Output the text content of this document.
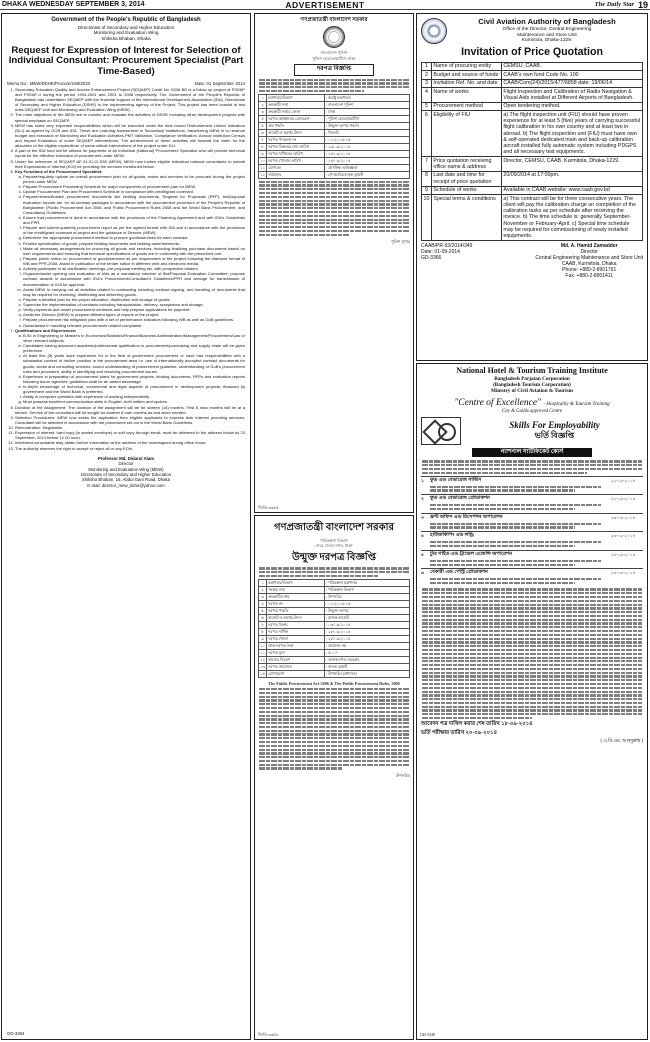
DHAKA WEDNESDAY SEPTEMBER 3, 2014	ADVERTISEMENT	The Daily Star 19
Government of the People's Republic of Bangladesh
Directorate of Secondary and Higher Education
Monitoring and Evaluation Wing
Shiksha Bhaban, Dhaka
Request for Expression of Interest for Selection of Individual Consultant: Procurement Specialist (Part Time-Based)
Memo No.: MEW/DSHE/Procure/158/2033	Date: 01 September 2014
1. Secondary Education Quality and Access Enhancement Project (SEQAEP) Credit No. 5326 BD is a follow up project of FSSAP and FSSAP-II during the period 1993-2001 and 2001 to 2008 respectively. The Government of the People's Republic of Bangladesh has undertaken SEQAEP with the financial support of the International Development Association (IDA). Directorate of Secondary and Higher Education (DSHE) is the Implementing agency of the Project. This project has been consist of two units-SEQAEP Unit and Monitoring and Evaluation Wing (MEW).
2. The main objectives of the MEW are to monitor and evaluate the activities of DSHE including other development projects with special emphasis on SEQAEP.
3. MEW has some very important responsibilities which will be executed under the time bound Disbursement Linked Indicators (DLI) as agreed by GOB and IDA. These are Learning Assessment in Secondary Institutions, transferring MEW in to revenue budget and execution of Monitoring and Evaluation Activities-PMT Validation, Compliance Verification, Annual Institution Census and Impact Evaluation of some SEQAEP interventions. The achievement of these activities will forward the claim for the allocation of the eligible expenditure of some critical interventions of the project under DLI.
4. A part of the IDA fund will be utilized for payments of an individual (National) Procurement Specialist who will provide technical inputs for the effective execution of procurement under MEW.
5. Under the reference of SEQAEP-AF-91-IC-CI-S39 (MEW), MEW now invites eligible individual national consultants to submit their Expressions of Interest (EOI) for providing the services mentioned below.
6. Key Functions of the Procurement Specialist:
a. Prepare/regularly update an overall procurement plan for all goods, works and services to be procured during the project period under MEW.
b. Prepare Procurement Processing Schedule for major components of procurement plan for MEW.
c. Update Procurement Plan and Procurement Schedule in compliance with credit/grant covenant.
d. Prepare/review/finalize procurement documents like bidding documents, Request for Proposals (RFP), bid/proposal evaluation reports etc. for all contract packages in accordance with the procurement procedure of the People's Republic of Bangladesh (Public Procurement Act 2006, and Public Procurement Rules 2008 and the World Bank Procurement, and Consultancy Guidelines.
e. Ensure that procurement is done in accordance with the provisions of the Financing Agreement and with IDA's Guidelines and PPR.
f. Prepare and submit quarterly procurement report as per the agreed format with IDA and in accordance with the provisions of the credit/grant covenant of project and the guidance of Director (MEW).
g. Determine the appropriate procurement method to procure goods/services for each contract.
h. Finalize specification of goods, prepare bidding documents and bidding advertisements.
i. Make all necessary arrangements for procuring all goods and services, including finalizing purchase documents based on user requirements and ensuring that technical specifications of goods are in conformity with the prescribed one.
j. Prepare public notice on procurement of goods/services as per requirement of the project following the standard format of WB and PPR-2008. Assist in publication of the tender notice in different print and electronic media.
k. Actively participate in all clarification meetings, pre-proposal meeting etc. with prospective bidders.
l. Organize/assist opening and evaluation of bids as a mandatory member of Bid/Proposal Evaluation Committee; propose contract awards in accordance with IDA's Procurement/Consultant's Guidelines/PPR and arrange for transmission of documentation to IDA for approval.
m. Assist MEW in carrying out all activities related to contracting including contract signing, and handling of documents that may be required for receiving, distributing and delivering goods.
n. Prepare a detailed plan for the proper allocation, distribution and storage of goods.
o. Supervise the implementation of contracts including transportation, delivery, acceptance and storage.
p. Verify payments due under procurement contracts and help prepare applications for payment.
q. Assist the Director (MEW) to prepare different types of reports of the project.
r. Prepare procurement risk mitigation plan with a set of performance indicators following WB as well as GoB guidelines.
s. Guide/assist in handling relevant procurements related complaints.
7. Qualifications and Experiences:
a. B.Sc in Engineering or Master's in Economics/Statistics/Finance/Business Administration/Management/Procurement/Law or other relevant subjects.
b. Candidates having advanced academic/professional qualification in procurement/purchasing and supply chain will be given preference.
c. At least five (5) years work experience for in the field of government procurement or have had responsibilities with a substantial content of his/her position in the procurement area i.e. use of internationally accepted contract documents for goods, works and consulting services; sound understanding of procurement guideline; understanding of GoB's procurement rules and procedure, ability in identifying and resolving procurement issues.
d. Experience in preparation of procurement plans for government projects, bidding documents, RFPs and evaluation reports following donor agencies' guidelines shall be an added advantage.
e. In-depth knowledge of technical, commercial and legal aspects of procurement in development projects, financed by government and the World Bank is preferred.
f. Ability in computer operation with experience of working independently.
g. Must possess excellent communication skills in English, both written and spoken.
8. Duration of the Assignment: The duration of the assignment will be for sixteen (16) months. First 6 man months will be at a stretch. Service of the consultant will be sought for another 8 man months as and when needed.
9. Selection Procedures: MEW now seeks the application from eligible applicants to express their interest providing services. Consultant will be selected in accordance with the procedures set out in the World Bank Guidelines.
10. Remuneration: Negotiable.
11. Expression of interest, hard copy (in sealed envelope) or soft copy through email, must be delivered to the address below by 23 September, 2014 before 12.00 noon.
12. Interested consultants may obtain further information at the address of the undersigned during office hours.
13. The authority reserves the right to accept or reject all or any EOIs.
Professor Md. Didarul Alam
Director
Monitoring and Evaluation Wing (MEW)
Directorate of Secondary and Higher Education
Shiksha Bhaban, 16, Abdul Gani Road, Dhaka
E-mail: director_mew_dshe@yahoo.com
GD-3364
গণপ্রজাতন্ত্রী বাংলাদেশ সরকার
বাংলাদেশ পুলিশ
পুলিশ হেডকোয়ার্টার্স, ঢাকা
দরপত্র বিজ্ঞপ্তি
১	মন্ত্রণালয়/বিভাগ	: স্বরাষ্ট্র মন্ত্রণালয়
২	ক্রয়কারী সত্তা	: বাংলাদেশ পুলিশ
৩	ক্রয়কারী সত্তার জেলা	: ঢাকা
৪	দরপত্র আহ্বানের রেফারেন্স	: পুলিশ হেডকোয়ার্টার্স
৫	ক্রয় পদ্ধতি	: উন্মুক্ত দরপত্র পদ্ধতি
৬	বাজেট ও অর্থের উৎস	: জিওবি
৭	দরপত্র প্যাকেজ নং	: ০১/২০১৪-১৫
৮	দরপত্র বিক্রয়ের শেষ তারিখ	: ২৩/০৯/২০১৪
৯	দরপত্র দাখিলের তারিখ	: ২৪/০৯/২০১৪
১০	দরপত্র খোলার তারিখ	: ২৪/০৯/২০১৪
১১	যোগ্যতা	: প্রাসঙ্গিক অভিজ্ঞতা
১২	জামানত	: পে-অর্ডার/ব্যাংক ড্রাফট
পুলিশ সুপার
জিডি-৩৩৫৫
গণপ্রজাতন্ত্রী বাংলাদেশ সরকার
পরিকল্পনা বিভাগ
শেরে বাংলা নগর, ঢাকা
উন্মুক্ত দরপত্র বিজ্ঞপ্তি
১	মন্ত্রণালয়/বিভাগ	: পরিকল্পনা মন্ত্রণালয়
২	সংস্থার নাম	: পরিকল্পনা বিভাগ
৩	ক্রয়কারীর নাম	: উপসচিব
৪	দরপত্র নং	: ০১/২০১৪-১৫
৫	দরপত্র পদ্ধতি	: উন্মুক্ত দরপত্র
৬	বাজেট ও অর্থের উৎস	: রাজস্ব বাজেট
৭	দরপত্র বিক্রয়	: ০৩/০৯/২০১৪
৮	দরপত্র দাখিল	: ২৮/০৯/২০১৪
৯	দরপত্র খোলা	: ২৮/০৯/২০১৪
১০	প্রাক-দরপত্র সভা	: প্রযোজ্য নয়
১১	দরপত্র মূল্য	: ৫০০/-
১২	কাজের বিবরণ	: আসবাবপত্র সরবরাহ
১৩	দরপত্র জামানত	: ব্যাংক ড্রাফট
১৪	যোগাযোগ	: উপসচিব (প্রশাসন)
The Public Procurement Act-2006 & The Public Procurement Rules, 2008
উপসচিব
জিডি-৩৩৫৮
Civil Aviation Authority of Bangladesh
Office of the Director, Central Engineering
Maintenance and Store Unit
Kurmitola, Dhaka-1229.
Invitation of Price Quotation
1	Name of procuring entity	CEMSU, CAAB.
2	Budget and source of funds	CAAB's own fund Code No. 100
3	Invitation Ref. No. and date	CAAB/Com(24)/2015/477/6858 date: 19/06/14
4	Name of works	Flight Inspection and Calibration of Radio Navigation & Visual Aids installed at Different Airports of Bangladesh.
5	Procurement method	Open tendering method.
6	Eligibility of FIU	a) The flight inspection unit (FIU) should have proven experience for at least 5 (five) years of carrying successful flight calibration in his own country and at least two in abroad. b) The flight inspection unit (FIU) must have own & self-operated dedicated main and back-up calibration aircraft installed fully automatic system including PDGPS and all necessary test equipments.
7	Price quotation receiving office name & address	Director, CEMSU, CAAB, Kurmitola, Dhaka-1229.
8	Last date and time for receipt of price quotation	20/09/2014 at 17:00pm.
9	Schedule of works	Available in CAAB website: www.caab.gov.bd
10	Special terms & conditions	a) This contract will be for three consecutive years. The client will pay the calibration charge on completion of the calibration tasks as per schedule after receiving the invoice. b) The time schedule is: generally September-November or February-April. c) Special time schedule may be required for commissioning of newly installed equipments.
CAAB/PR-93/2014/349
Date: 01-09-2014
GD-3366
Md. A. Hamid Zamadder
Director
Central Engineering Maintenance and Store Unit
CAAB, Kurmitola, Dhaka
Phone: +880-2-8901791
Fax: +880-2-8901411
National Hotel & Tourism Training Institute
Bangladesh Parjatan Corporation
(Bangladesh Tourism Corporation)
Ministry of Civil Aviation & Tourism
"Centre of Excellence" - Hospitality & Tourism Training
City & Guilds approved Centre
Skills For Employability
ভর্তি বিজ্ঞপ্তি
ন্যাশনাল সার্টিফিকেট কোর্স
১	ফুড এন্ড বেভারেজ সার্ভিস	২২-০৯-২০১৪
২	ফুড এন্ড বেভারেজ প্রোডাকশন	২২-০৯-২০১৪
৩	ফ্রন্ট অফিস এন্ড রিসেপশন অপারেশন	২৩-০৯-২০১৪
৪	হাউজকিপিং এন্ড লন্ড্রি	২৩-০৯-২০১৪
৫	ট্যুর গাইড এন্ড ট্রাভেল এজেন্সি অপারেশন	২৪-০৯-২০১৪
৬	বেকারী এন্ড পেস্ট্রি প্রোডাকশন	২৪-০৯-২০১৪
আবেদন পত্র দাখিল করার শেষ তারিখ ১৮-০৯-২০১৪
ভর্তি পরীক্ষার তারিখ ২০-০৯-২০১৪
( এ.বি.এম. আবদুল্লাহ )
GD-3349
